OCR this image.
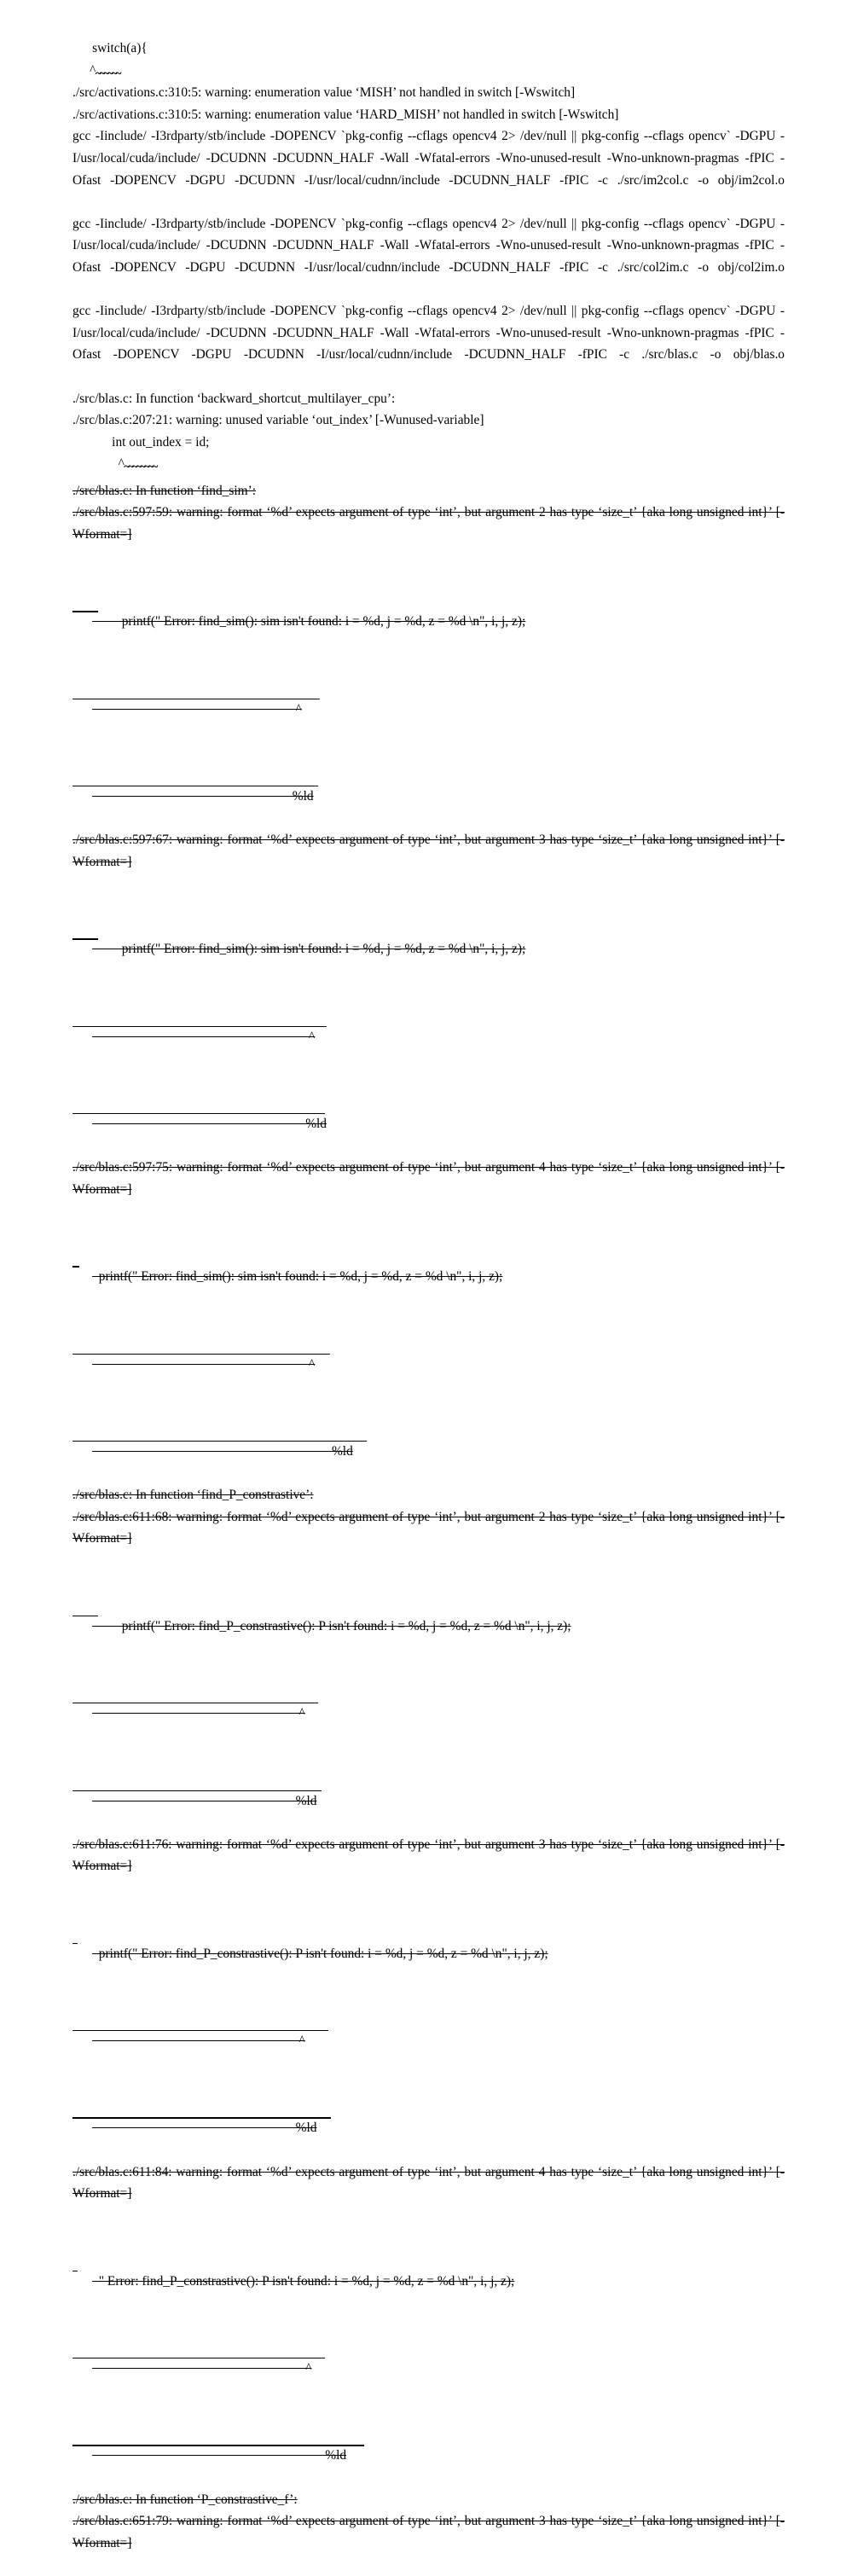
switch(a){
^~~~~~~
./src/activations.c:310:5: warning: enumeration value ‘MISH’ not handled in switch [-Wswitch]
./src/activations.c:310:5: warning: enumeration value ‘HARD_MISH’ not handled in switch [-Wswitch]
gcc -Iinclude/ -I3rdparty/stb/include -DOPENCV `pkg-config --cflags opencv4 2> /dev/null || pkg-config --cflags opencv` -DGPU -I/usr/local/cuda/include/ -DCUDNN -DCUDNN_HALF -Wall -Wfatal-errors -Wno-unused-result -Wno-unknown-pragmas -fPIC -Ofast -DOPENCV -DGPU -DCUDNN -I/usr/local/cudnn/include -DCUDNN_HALF -fPIC -c ./src/im2col.c -o obj/im2col.o
gcc -Iinclude/ -I3rdparty/stb/include -DOPENCV `pkg-config --cflags opencv4 2> /dev/null || pkg-config --cflags opencv` -DGPU -I/usr/local/cuda/include/ -DCUDNN -DCUDNN_HALF -Wall -Wfatal-errors -Wno-unused-result -Wno-unknown-pragmas -fPIC -Ofast -DOPENCV -DGPU -DCUDNN -I/usr/local/cudnn/include -DCUDNN_HALF -fPIC -c ./src/col2im.c -o obj/col2im.o
gcc -Iinclude/ -I3rdparty/stb/include -DOPENCV `pkg-config --cflags opencv4 2> /dev/null || pkg-config --cflags opencv` -DGPU -I/usr/local/cuda/include/ -DCUDNN -DCUDNN_HALF -Wall -Wfatal-errors -Wno-unused-result -Wno-unknown-pragmas -fPIC -Ofast -DOPENCV -DGPU -DCUDNN -I/usr/local/cudnn/include -DCUDNN_HALF -fPIC -c ./src/blas.c -o obj/blas.o
./src/blas.c: In function ‘backward_shortcut_multilayer_cpu’:
./src/blas.c:207:21: warning: unused variable ‘out_index’ [-Wunused-variable]
int out_index = id;
^~~~~~~~~
./src/blas.c: In function ‘find_sim’:
./src/blas.c:597:59: warning: format ‘%d’ expects argument of type ‘int’, but argument 2 has type ‘size_t’ {aka long unsigned int}’ [-Wformat=]

printf(" Error: find_sim(): sim isn't found: i = %d, j = %d, z = %d \n", i, j, z);

^

%ld

./src/blas.c:597:67: warning: format ‘%d’ expects argument of type ‘int’, but argument 3 has type ‘size_t’ {aka long unsigned int}’ [-Wformat=]

printf(" Error: find_sim(): sim isn't found: i = %d, j = %d, z = %d \n", i, j, z);

^

%ld

./src/blas.c:597:75: warning: format ‘%d’ expects argument of type ‘int’, but argument 4 has type ‘size_t’ {aka long unsigned int}’ [-Wformat=]

printf(" Error: find_sim(): sim isn't found: i = %d, j = %d, z = %d \n", i, j, z);

^

%ld

./src/blas.c: In function ‘find_P_constrastive’:
./src/blas.c:611:68: warning: format ‘%d’ expects argument of type ‘int’, but argument 2 has type ‘size_t’ {aka long unsigned int}’ [-Wformat=]

printf(" Error: find_P_constrastive(): P isn't found: i = %d, j = %d, z = %d \n", i, j, z);

^

%ld

./src/blas.c:611:76: warning: format ‘%d’ expects argument of type ‘int’, but argument 3 has type ‘size_t’ {aka long unsigned int}’ [-Wformat=]

printf(" Error: find_P_constrastive(): P isn't found: i = %d, j = %d, z = %d \n", i, j, z);

^

%ld

./src/blas.c:611:84: warning: format ‘%d’ expects argument of type ‘int’, but argument 4 has type ‘size_t’ {aka long unsigned int}’ [-Wformat=]

" Error: find_P_constrastive(): P isn't found: i = %d, j = %d, z = %d \n", i, j, z);

^

%ld

./src/blas.c: In function ‘P_constrastive_f’:
./src/blas.c:651:79: warning: format ‘%d’ expects argument of type ‘int’, but argument 3 has type ‘size_t’ {aka long unsigned int}’ [-Wformat=]
